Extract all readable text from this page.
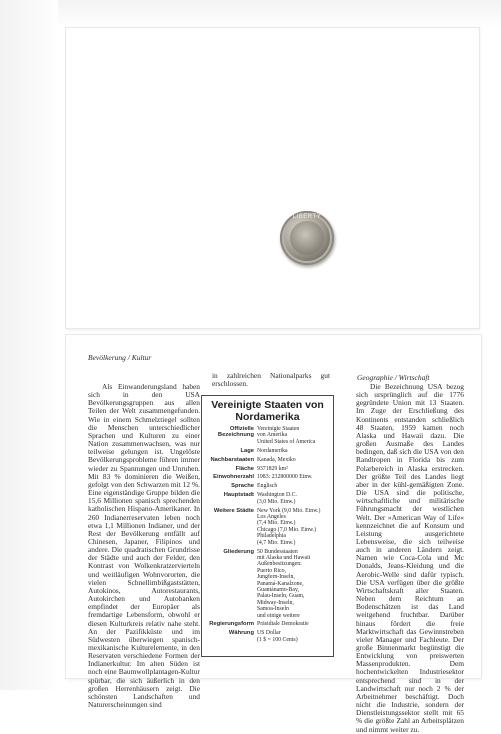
LIBERTY
Bevölkerung / Kultur

Als Einwanderungsland haben sich in den USA Bevölkerungsgruppen aus allen Teilen der Welt zusammengefunden. Wie in einem Schmelztiegel sollten die Menschen unterschiedlicher Sprachen und Kulturen zu einer Nation zusammenwachsen, was nur teilweise gelungen ist. Ungelöste Bevölkerungsprobleme führen immer wieder zu Spannungen und Unruhen. Mit 83 % dominieren die Weißen, gefolgt von den Schwarzen mit 12 %. Eine eigenständige Gruppe bilden die 15,6 Millionen spanisch sprechenden katholischen Hispano-Amerikaner. In 260 Indianerreservaten leben noch etwa 1,1 Millionen Indianer, und der Rest der Bevölkerung entfällt auf Chinesen, Japaner, Filipinos und andere. Die quadratischen Grundrisse der Städte und auch der Felder, den Kontrast von Wolkenkratzervierteln und weitläufigen Wohnvororten, die vielen Schnellimbißgaststätten, Autokinos, Autorestaurants, Autokirchen und Autobanken empfindet der Europäer als fremdartige Lebensform, obwohl er diesen Kulturkreis relativ nahe steht. An der Pazifikküste und im Südwesten überwiegen spanisch-mexikanische Kulturelemente, in den Reservaten verschiedene Formen der Indianerkultur. Im alten Süden ist noch eine Baumwollplantagen-Kultur spürbar, die sich äußerlich in den großen Herrenhäusern zeigt. Die schönsten Landschaften und Naturerscheinungen sind

in zahlreichen Nationalparks gut erschlossen.

Vereinigte Staaten von Nordamerika
Offizielle Bezeichnung
Vereinigte Staaten
von Amerika
United States of America
Lage Nordamerika
Nachbarstaaten Kanada, Mexiko
Fläche 9371829 km²
Einwohnerzahl 1983: 232800000 Einw.
Sprache Englisch
Hauptstadt Washington D.C.
(3,0 Mio. Einw.)
Weitere Städte New York (9,0 Mio. Einw.)
Los Angeles
(7,4 Mio. Einw.)
Chicago (7,0 Mio. Einw.)
Philadelphia
(4,7 Mio. Einw.)
Gliederung 50 Bundesstaaten
mit Alaska und Hawaii
Außenbesitzungen:
Puerto Rico,
Jungfern-Inseln,
Panamá-Kanalzone,
Guantánamo-Bay,
Palau-Inseln, Guam,
Midway-Inseln,
Samoa-Inseln
und einige weitere
Regierungsform Präsidiale Demokratie
Währung US Dollar
(1 $ = 100 Cents)
Geographie / Wirtschaft

Die Bezeichnung USA bezog sich ursprünglich auf die 1776 gegründete Union mit 13 Staaten. Im Zuge der Erschließung des Kontinents entstanden schließlich 48 Staaten, 1959 kamen noch Alaska und Hawaii dazu. Die großen Ausmaße des Landes bedingen, daß sich die USA von den Randtropen in Florida bis zum Polarbereich in Alaska erstrecken. Der größte Teil des Landes liegt aber in der kühl-gemäßigten Zone. Die USA sind die politische, wirtschaftliche und militärische Führungsmacht der westlichen Welt. Der »American Way of Life« kennzeichnet die auf Konsum und Leistung ausgerichtete Lebensweise, die sich teilweise auch in anderen Ländern zeigt. Namen wie Coca-Cola und Mc Donalds, Jeans-Kleidung und die Aerobic-Welle sind dafür typisch. Die USA verfügen über die größte Wirtschaftskraft aller Staaten. Neben dem Reichtum an Bodenschätzen ist das Land weitgehend fruchtbar. Darüber hinaus fördert die freie Marktwirtschaft das Gewinnstreben vieler Manager und Fachleute. Der große Binnenmarkt begünstigt die Entwicklung von preiswerten Massenprodukten. Dem hochentwickelten Industriesektor entsprechend sind in der Landwirtschaft nur noch 2 % der Arbeitnehmer beschäftigt. Doch nicht die Industrie, sondern der Dienstleistungssektor stellt mit 65 % die größte Zahl an Arbeitsplätzen und nimmt weiter zu.
